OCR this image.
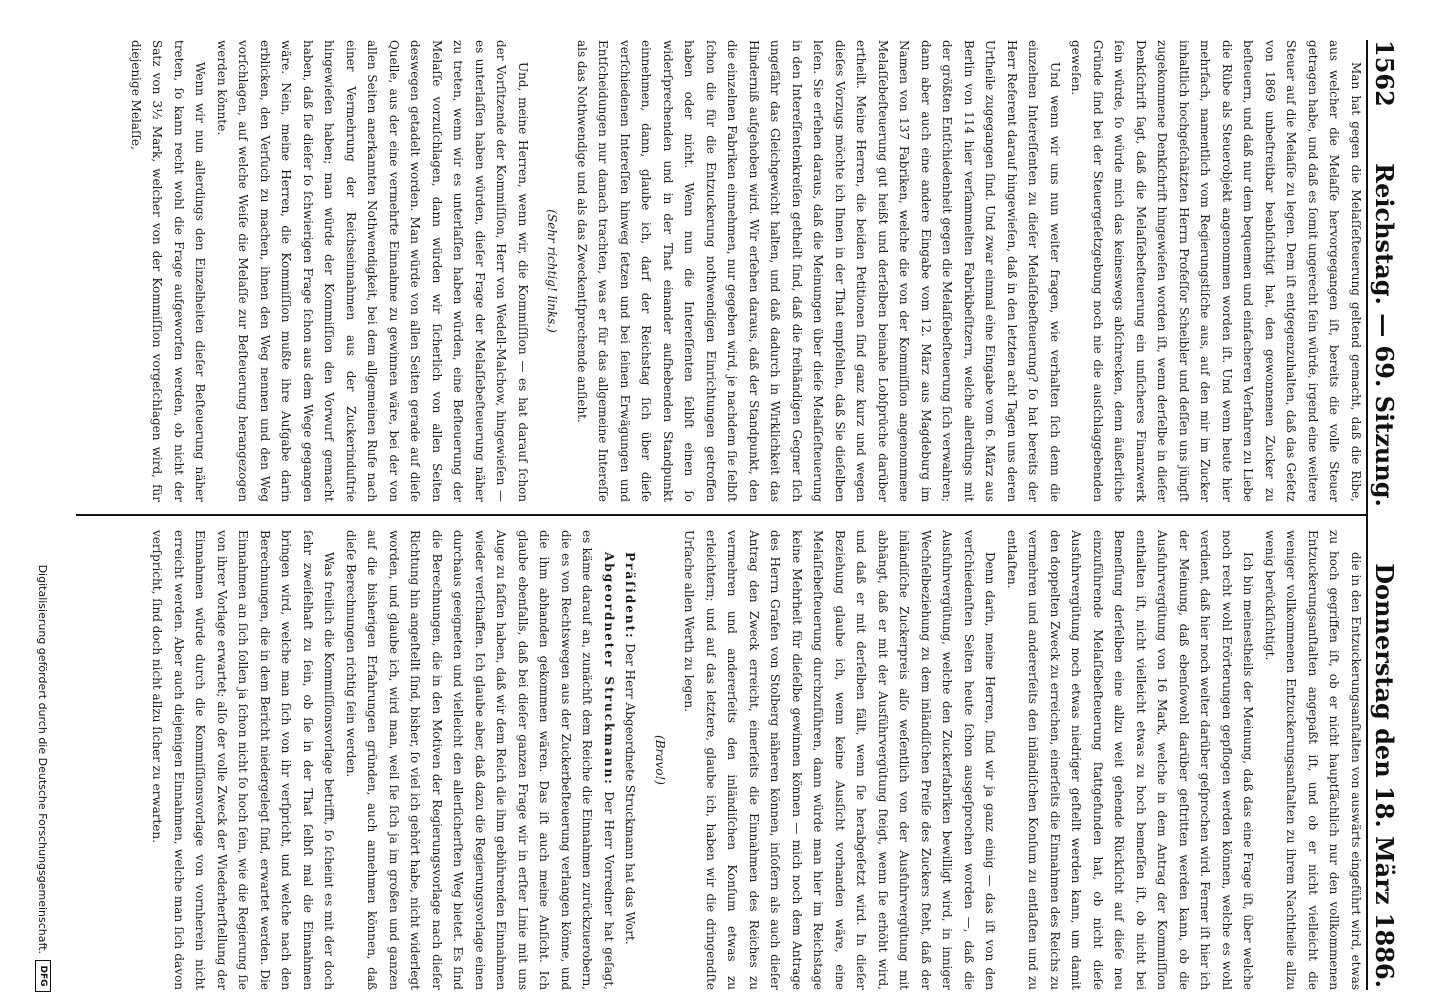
1562
Reichstag. — 69. Sitzung.
Donnerstag den 18. März 1886.

Man hat gegen die Melaſſeſteuerung geltend gemacht, daß die Ribe, aus welcher die Melaſſe hervorgegangen iſt, bereits die volle Steuer getragen habe, und daß es ſomit ungerecht ſein würde, irgend eine weitere Steuer auf die Melaſſe zu legen. Dem iſt entgegenzuhalten, daß das Geſetz von 1869 unbeſtreitbar beabſichtigt hat, den gewonnenen Zucker zu beſteuern, und daß nur dem bequemen und einfacheren Verfahren zu Liebe die Rübe als Steuerobjekt angenommen worden iſt. Und wenn heute hier mehrfach, namentlich vom Regierungstiſche aus, auf den mir im Zucker inhaltlich hochgeſchätzten Herrn Profeſſor Scheibler und deſſen uns jüngſt zugekommene Denkſchrift hingewieſen worden iſt, wenn derſelbe in dieſer Denkſchrift ſagt, daß die Melaſſebeſteuerung ein unſicheres Finanzwerk ſein würde, ſo würde mich das keineswegs abſchrecken, denn äußerliche Gründe ſind bei der Steuergeſetzgebung noch nie die ausſchlaggebenden geweſen.

Und wenn wir uns nun weiter fragen, wie verhalten ſich denn die einzelnen Intereſſenten zu dieſer Melaſſebeſteuerung? ſo hat bereits der Herr Referent darauf hingewieſen, daß in den letzten acht Tagen uns deren Urtheile zugegangen ſind. Und zwar einmal eine Eingabe vom 6. März aus Berlin von 114 hier verſammelten Fabrikbeſitzern, welche allerdings mit der größten Entſchiedenheit gegen die Melaſſebeſteuerung ſich verwahren; dann aber auch eine andere Eingabe vom 12. März aus Magdeburg im Namen von 137 Fabriken, welche die von der Kommiſſion angenommene Melaſſebeſteuerung gut heißt und derſelben beinahe Lobſprüche darüber ertheilt. Meine Herren, die beiden Petitionen ſind ganz kurz und wegen dieſes Vorzugs möchte ich Ihnen in der That empfehlen, daß Sie dieſelben leſen. Sie erſehen daraus, daß die Meinungen über dieſe Melaſſeſteuerung in den Intereſſentenkreiſen getheilt ſind, daß die freihändigen Gegner ſich ungefähr das Gleichgewicht halten, und daß dadurch in Wirklichkeit das Hinderniß aufgehoben wird. Wir erſehen daraus, daß der Standpunkt, den die einzelnen Fabriken einnehmen, nur gegeben wird, je nachdem ſie ſelbſt ſchon die für die Entzuckerung nothwendigen Einrichtungen getroffen haben oder nicht. Wenn nun die Intereſſenten ſelbſt einen ſo widerſprechenden und in der That einander aufhebenden Standpunkt einnehmen, dann, glaube ich, darf der Reichstag ſich über dieſe verſchiedenen Intereſſen hinweg ſetzen und bei ſeinen Erwägungen und Entſcheidungen nur danach trachten, was er für das allgemeine Intereſſe als das Nothwendige und als das Zweckentſprechende anſieht.

(Sehr richtig! links.)

Und, meine Herren, wenn wir, die Kommiſſion — es hat darauf ſchon der Vorſitzende der Kommiſſion, Herr von Wedell-Malchow, hingewieſen — es unterlaſſen haben würden, dieſer Frage der Melaſſebeſteuerung näher zu treten, wenn wir es unterlaſſen haben würden, eine Beſteuerung der Melaſſe vorzuſchlagen, dann würden wir ſicherlich von allen Seiten deswegen getadelt worden. Man würde von allen Seiten gerade auf dieſe Quelle, aus der eine vermehrte Einnahme zu gewinnen wäre, bei der von allen Seiten anerkannten Nothwendigkeit, bei dem allgemeinen Rufe nach einer Vermehrung der Reichseinnahmen aus der Zuckerinduſtrie hingewieſen haben; man würde der Kommiſſion den Vorwurf gemacht haben, daß ſie dieſer ſo ſchwierigen Frage ſchon aus dem Wege gegangen wäre. Nein, meine Herren, die Kommiſſion mußte ihre Aufgabe darin erblicken, den Verſuch zu machen, ihnen den Weg nennen und den Weg vorſchlagen, auf welche Weiſe die Melaſſe zur Beſteuerung herangezogen werden könnte.

Wenn wir nun allerdings den Einzelheiten dieſer Beſteuerung näher treten, ſo kann recht wohl die Frage aufgeworfen werden, ob nicht der Satz von 3½ Mark, welcher von der Kommiſſion vorgeſchlagen wird, für diejenige Melaſſe,

die in den Entzuckerungsanſtalten von auswärts eingeführt wird, etwas zu hoch gegriffen iſt, ob er nicht hauptſächlich nur den vollkommenen Entzuckerungsanſtalten angepaßt iſt, und ob er nicht vielleicht die weniger vollkommenen Entzuckerungsanſtalten zu ihrem Nachtheile allzu wenig berückſichtigt.

Ich bin meinestheils der Meinung, daß das eine Frage iſt, über welche noch recht wohl Erörterungen gepflogen werden können, welche es wohl verdient, daß hier noch weiter darüber geſprochen wird. Ferner iſt hier ich der Meinung, daß ebenſowohl darüber geſtritten werden kann, ob die Ausfuhrvergütung von 16 Mark, welche in dem Antrag der Kommiſſion enthalten iſt, nicht vielleicht etwas zu hoch bemeſſen iſt, ob nicht bei Bemeſſung derſelben eine allzu weit gehende Rückſicht auf dieſe neu einzuführende Melaſſebeſteuerung ſtattgefunden hat, ob nicht dieſe Ausfuhrvergütung noch etwas niedriger geſtellt werden kann, um damit den doppelten Zweck zu erreichen, einerſeits die Einnahmen des Reichs zu vermehren und andererſeits den inländiſchen Konſum zu entlaſten und zu entlaſten.

Denn darin, meine Herren, ſind wir ja ganz einig — das iſt von den verſchiedenſten Seiten heute ſchon ausgeſprochen worden —, daß die Ausfuhrvergütung, welche den Zuckerfabriken bewilligt wird, in inniger Wechſelbeziehung zu dem inländiſchen Preiſe des Zuckers ſteht, daß der inländiſche Zuckerpreis alſo weſentlich von der Ausfuhrvergütung mit abhängt, daß er mit der Ausführvergütung ſteigt, wenn ſie erhöht wird, und daß er mit derſelben fällt, wenn ſie herabgeſetzt wird. In dieſer Beziehung glaube ich, wenn keine Ausſicht vorhanden wäre, eine Melaſſebeſteuerung durchzuführen, dann würde man hier im Reichstage keine Mehrheit für dieſelbe gewinnen können — mich noch dem Antrage des Herrn Grafen von Stolberg näheren können, inſofern als auch dieſer Antrag den Zweck erreicht, einerſeits die Einnahmen des Reiches zu vermehren und andererſeits den inländiſchen Konſum etwas zu erleichtern; und auf das letztere, glaube ich, haben wir die dringendſte Urſache allen Werth zu legen.

(Bravo!)

Präſident: Der Herr Abgeordnete Struckmann hat das Wort.

Abgeordneter Struckmann: Der Herr Vorredner hat geſagt, es käme darauf an, zunächſt dem Reiche die Einnahmen zurückzuerobern, die es von Rechtswegen aus der Zuckerbeſteuerung verlangen könne, und die ihm abhanden gekommen wären. Das iſt auch meine Anſicht. Ich glaube ebenfalls, daß bei dieſer ganzen Frage wir in erſter Linie mit uns Auge zu faſſen haben, daß wir dem Reich die ihm gebührenden Einnahmen wieder verſchaffen. Ich glaube aber, daß dazu die Regierungsvorlage einen durchaus geeigneten und vielleicht den allerſicherſten Weg bietet. Es ſind die Berechnungen, die in den Motiven der Regierungsvorlage nach dieſer Richtung hin angeſtellt ſind, bisher, ſo viel ich gehört habe, nicht widerlegt worden, und glaube ich, wird man, weil ſie ſich ja im großen und ganzen auf die bisherigen Erfahrungen gründen, auch annehmen können, daß dieſe Berechnungen richtig ſein werden.

Was freilich die Kommiſſionsvorlage betrifft, ſo ſcheint es mit der doch ſehr zweifelhaft zu ſein, ob ſie in der That ſelbſt mal die Einnahmen bringen wird, welche man ſich von ihr verſpricht, und welche nach den Berechnungen, die in dem Bericht niedergelegt ſind, erwartet werden. Die Einnahmen an ſich ſollen ja ſchon nicht ſo hoch ſein, wie die Regierung ſie von ihrer Vorlage erwartet; alſo der volle Zweck der Wiederherſtellung der Einnahmen würde durch die Kommiſſionsvorlage von vornherein nicht erreicht werden. Aber auch diejenigen Einnahmen, welche man ſich davon verſpricht, ſind doch nicht allzu ſicher zu erwarten.

Digitalisierung gefördert durch die Deutsche Forschungsgemeinschaft.
DFG
